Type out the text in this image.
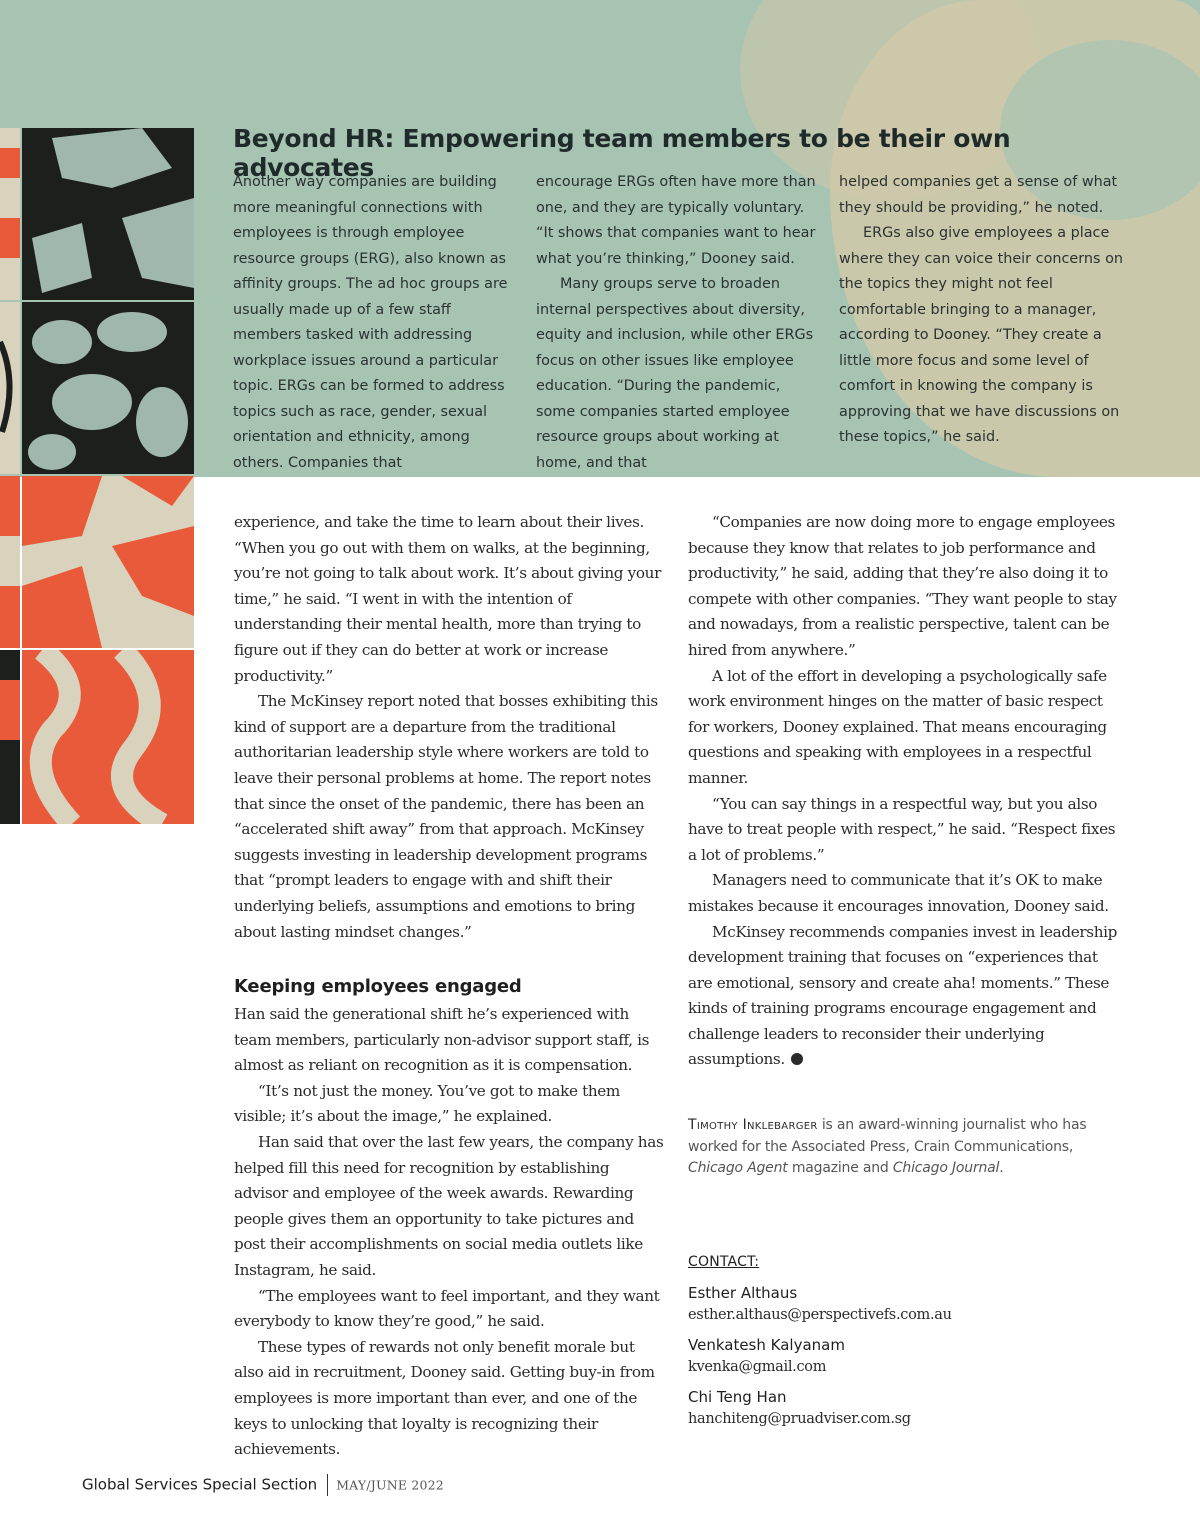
Beyond HR: Empowering team members to be their own advocates

Another way companies are building more meaningful connections with employees is through employee resource groups (ERG), also known as affinity groups. The ad hoc groups are usually made up of a few staff members tasked with addressing workplace issues around a particular topic. ERGs can be formed to address topics such as race, gender, sexual orientation and ethnicity, among others. Companies that

encourage ERGs often have more than one, and they are typically voluntary. “It shows that companies want to hear what you’re thinking,” Dooney said.

Many groups serve to broaden internal perspectives about diversity, equity and inclusion, while other ERGs focus on other issues like employee education. “During the pandemic, some companies started employee resource groups about working at home, and that

helped companies get a sense of what they should be providing,” he noted.

ERGs also give employees a place where they can voice their concerns on the topics they might not feel comfortable bringing to a manager, according to Dooney. “They create a little more focus and some level of comfort in knowing the company is approving that we have discussions on these topics,” he said.

experience, and take the time to learn about their lives. “When you go out with them on walks, at the beginning, you’re not going to talk about work. It’s about giving your time,” he said. “I went in with the intention of understanding their mental health, more than trying to figure out if they can do better at work or increase productivity.”

The McKinsey report noted that bosses exhibiting this kind of support are a departure from the traditional authoritarian leadership style where workers are told to leave their personal problems at home. The report notes that since the onset of the pandemic, there has been an “accelerated shift away” from that approach. McKinsey suggests investing in leadership development programs that “prompt leaders to engage with and shift their underlying beliefs, assumptions and emotions to bring about lasting mindset changes.”

Keeping employees engaged

Han said the generational shift he’s experienced with team members, particularly non-advisor support staff, is almost as reliant on recognition as it is compensation.

“It’s not just the money. You’ve got to make them visible; it’s about the image,” he explained.

Han said that over the last few years, the company has helped fill this need for recognition by establishing advisor and employee of the week awards. Rewarding people gives them an opportunity to take pictures and post their accomplishments on social media outlets like Instagram, he said.

“The employees want to feel important, and they want everybody to know they’re good,” he said.

These types of rewards not only benefit morale but also aid in recruitment, Dooney said. Getting buy-in from employees is more important than ever, and one of the keys to unlocking that loyalty is recognizing their achievements.

“Companies are now doing more to engage employees because they know that relates to job performance and productivity,” he said, adding that they’re also doing it to compete with other companies. “They want people to stay and nowadays, from a realistic perspective, talent can be hired from anywhere.”

A lot of the effort in developing a psychologically safe work environment hinges on the matter of basic respect for workers, Dooney explained. That means encouraging questions and speaking with employees in a respectful manner.

“You can say things in a respectful way, but you also have to treat people with respect,” he said. “Respect fixes a lot of problems.”

Managers need to communicate that it’s OK to make mistakes because it encourages innovation, Dooney said.

McKinsey recommends companies invest in leadership development training that focuses on “experiences that are emotional, sensory and create aha! moments.” These kinds of training programs encourage engagement and challenge leaders to reconsider their underlying assumptions.

Timothy Inklebarger is an award-winning journalist who has worked for the Associated Press, Crain Communications, Chicago Agent magazine and Chicago Journal.
CONTACT:
Esther Althaus
esther.althaus@perspectivefs.com.au
Venkatesh Kalyanam
kvenka@gmail.com
Chi Teng Han
hanchiteng@pruadviser.com.sg
Global Services Special Section MAY/JUNE 2022
